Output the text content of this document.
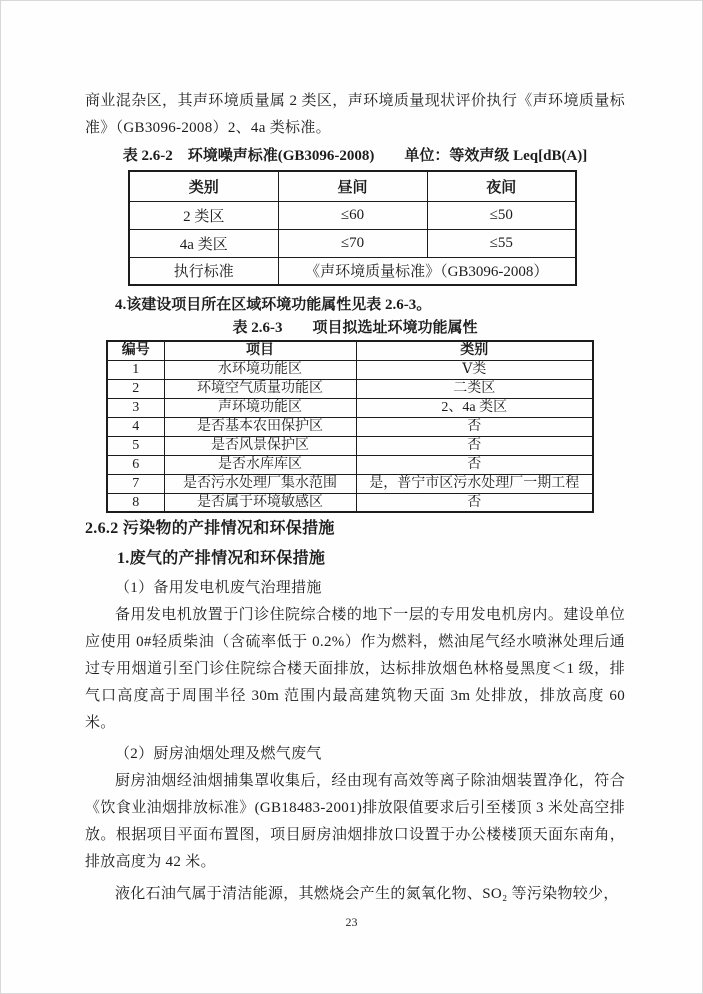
商业混杂区，其声环境质量属 2 类区，声环境质量现状评价执行《声环境质量标准》（GB3096-2008）2、4a 类标准。

表 2.6-2　环境噪声标准(GB3096-2008)　　单位：等效声级 Leq[dB(A)]
类别	昼间	夜间
2 类区	≤60	≤50
4a 类区	≤70	≤55
执行标准	《声环境质量标准》（GB3096-2008）	

4.该建设项目所在区域环境功能属性见表 2.6-3。

表 2.6-3　　项目拟选址环境功能属性
编号	项目	类别
1	水环境功能区	Ⅴ类
2	环境空气质量功能区	二类区
3	声环境功能区	2、4a 类区
4	是否基本农田保护区	否
5	是否风景保护区	否
6	是否水库库区	否
7	是否污水处理厂集水范围	是，普宁市区污水处理厂一期工程
8	是否属于环境敏感区	否
2.6.2 污染物的产排情况和环保措施
1.废气的产排情况和环保措施

（1）备用发电机废气治理措施

备用发电机放置于门诊住院综合楼的地下一层的专用发电机房内。建设单位应使用 0#轻质柴油（含硫率低于 0.2%）作为燃料，燃油尾气经水喷淋处理后通过专用烟道引至门诊住院综合楼天面排放，达标排放烟色林格曼黑度＜1 级，排气口高度高于周围半径 30m 范围内最高建筑物天面 3m 处排放，排放高度 60 米。

（2）厨房油烟处理及燃气废气

厨房油烟经油烟捕集罩收集后，经由现有高效等离子除油烟装置净化，符合《饮食业油烟排放标准》(GB18483-2001)排放限值要求后引至楼顶 3 米处高空排放。根据项目平面布置图，项目厨房油烟排放口设置于办公楼楼顶天面东南角，排放高度为 42 米。

液化石油气属于清洁能源，其燃烧会产生的氮氧化物、SO₂ 等污染物较少，

23
